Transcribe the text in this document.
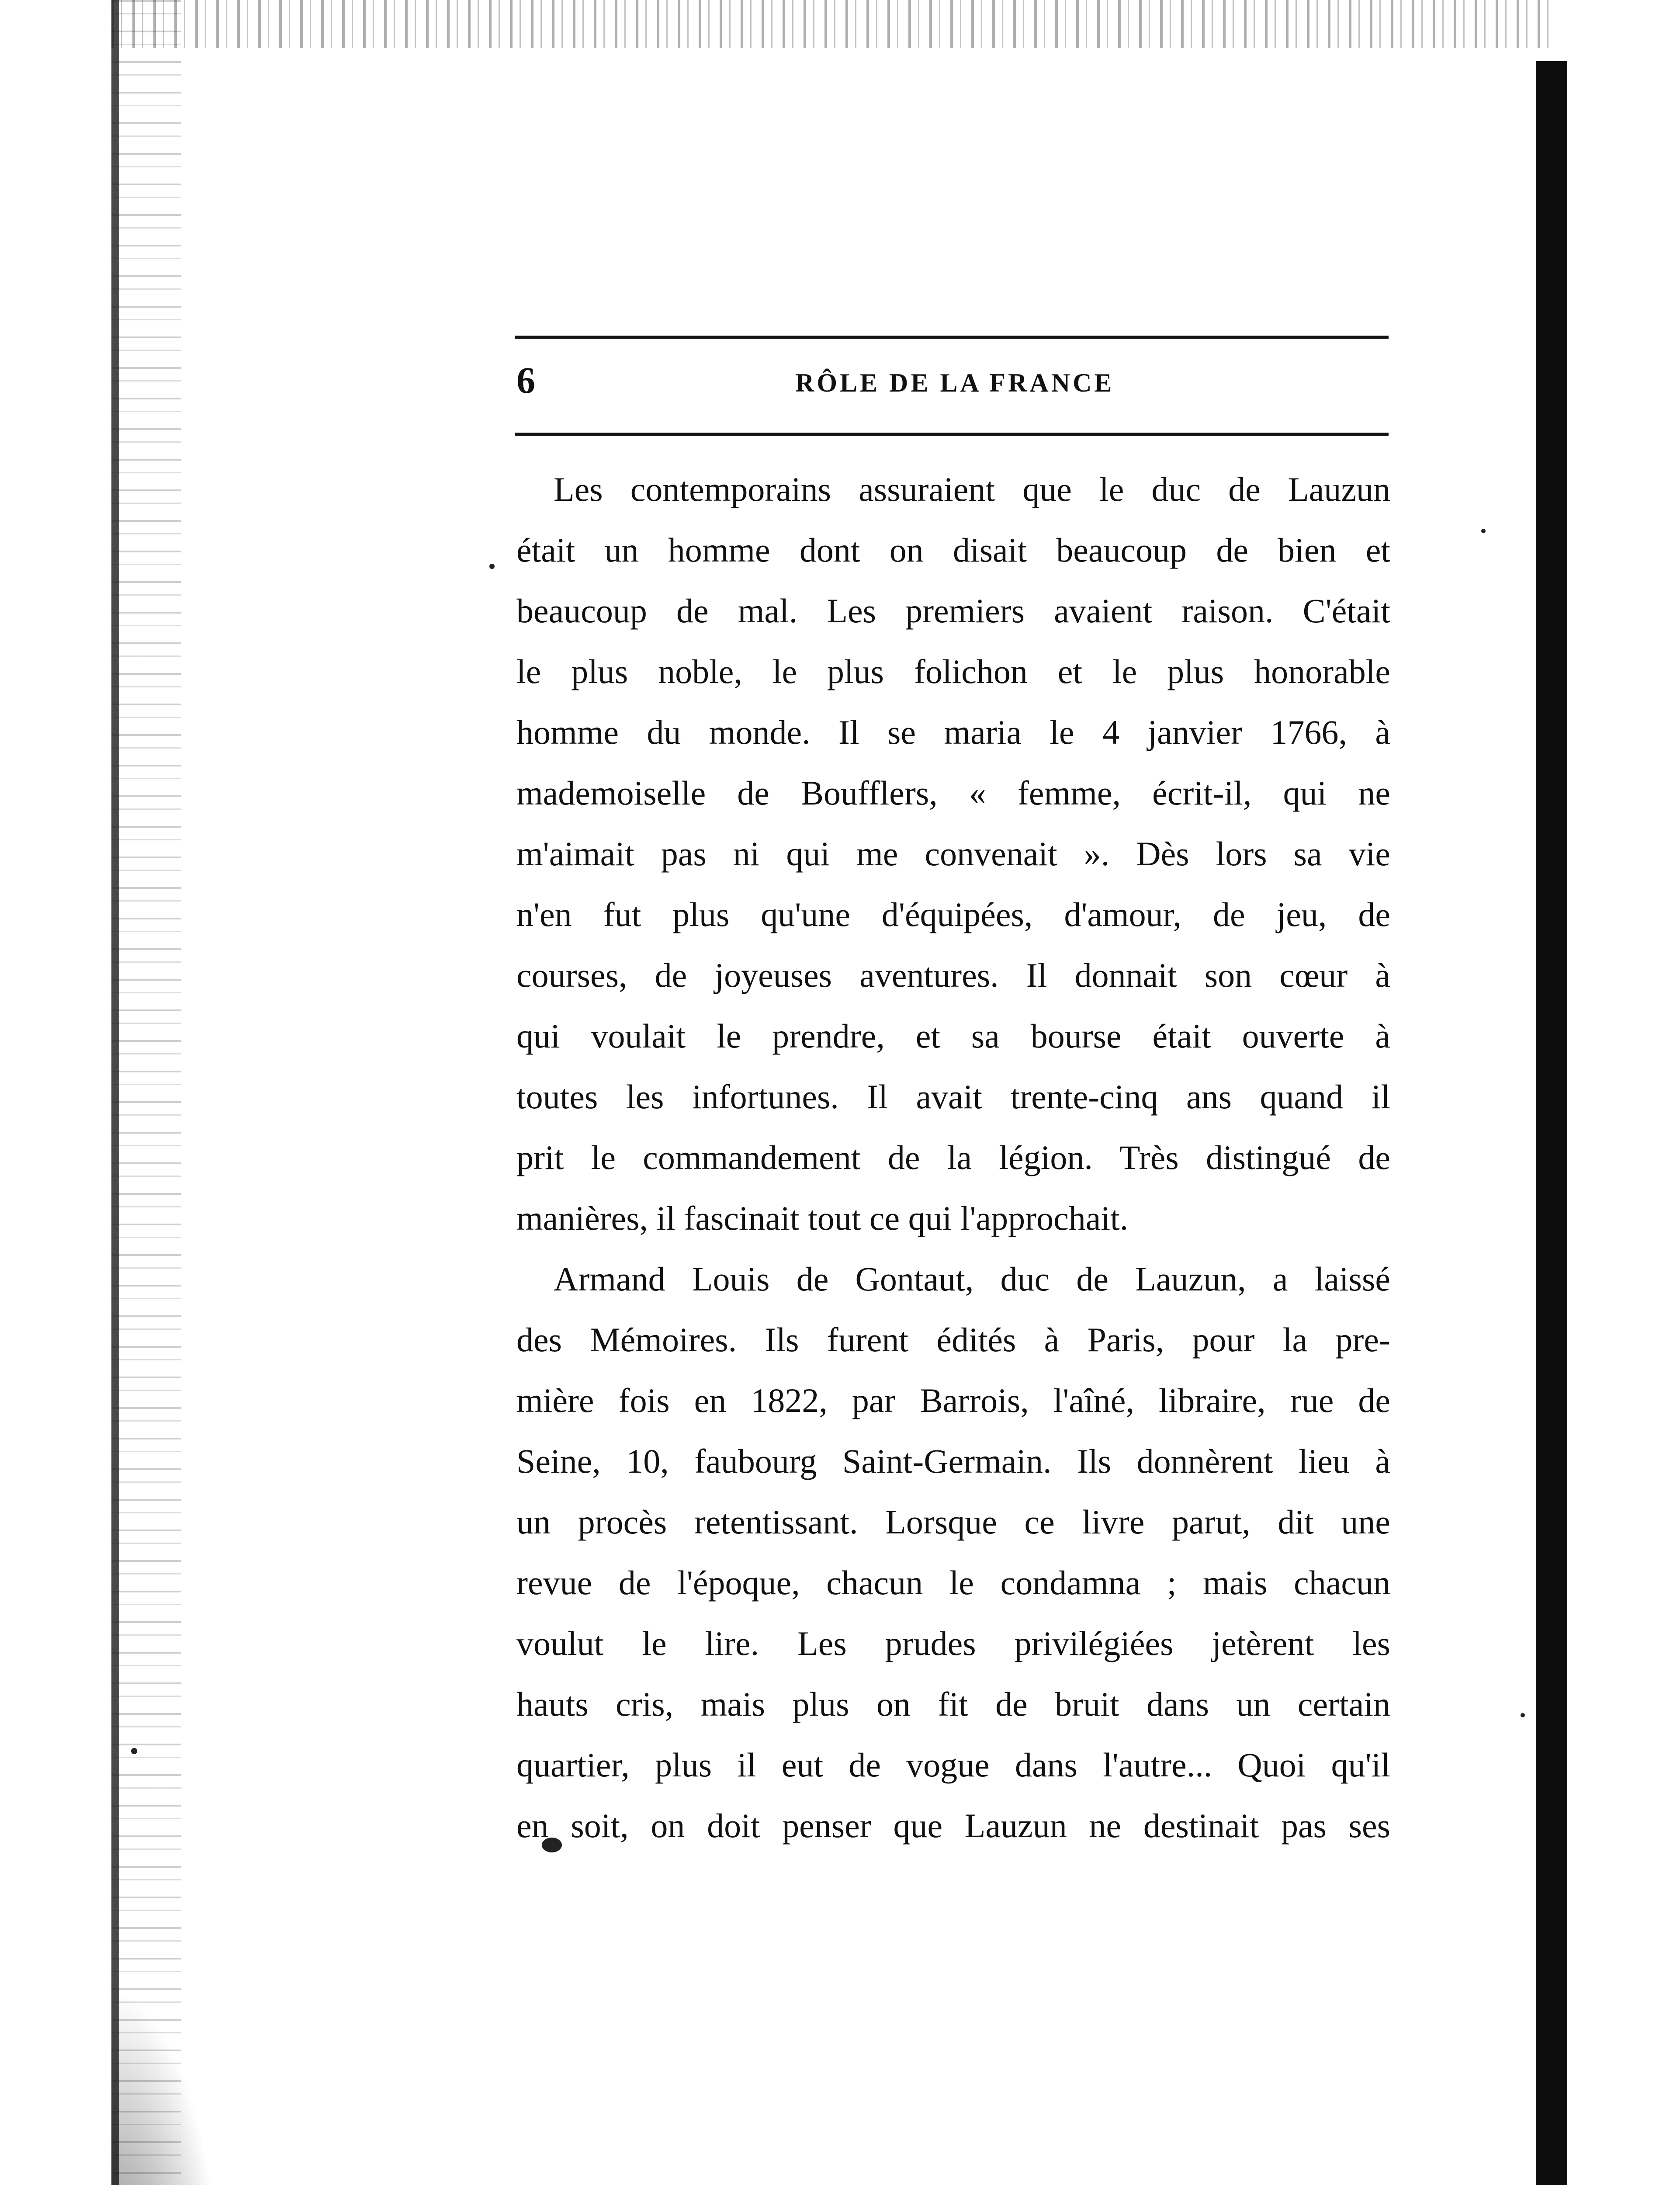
6	RÔLE DE LA FRANCE
Les contemporains assuraient que le duc de Lauzun
était un homme dont on disait beaucoup de bien et
beaucoup de mal. Les premiers avaient raison. C'était
le plus noble, le plus folichon et le plus honorable
homme du monde. Il se maria le 4 janvier 1766, à
mademoiselle de Boufflers, « femme, écrit-il, qui ne
m'aimait pas ni qui me convenait ». Dès lors sa vie
n'en fut plus qu'une d'équipées, d'amour, de jeu, de
courses, de joyeuses aventures. Il donnait son cœur à
qui voulait le prendre, et sa bourse était ouverte à
toutes les infortunes. Il avait trente-cinq ans quand il
prit le commandement de la légion. Très distingué de
manières, il fascinait tout ce qui l'approchait.
Armand Louis de Gontaut, duc de Lauzun, a laissé
des Mémoires. Ils furent édités à Paris, pour la pre-
mière fois en 1822, par Barrois, l'aîné, libraire, rue de
Seine, 10, faubourg Saint-Germain. Ils donnèrent lieu à
un procès retentissant. Lorsque ce livre parut, dit une
revue de l'époque, chacun le condamna ; mais chacun
voulut le lire. Les prudes privilégiées jetèrent les
hauts cris, mais plus on fit de bruit dans un certain
quartier, plus il eut de vogue dans l'autre... Quoi qu'il
en soit, on doit penser que Lauzun ne destinait pas ses
